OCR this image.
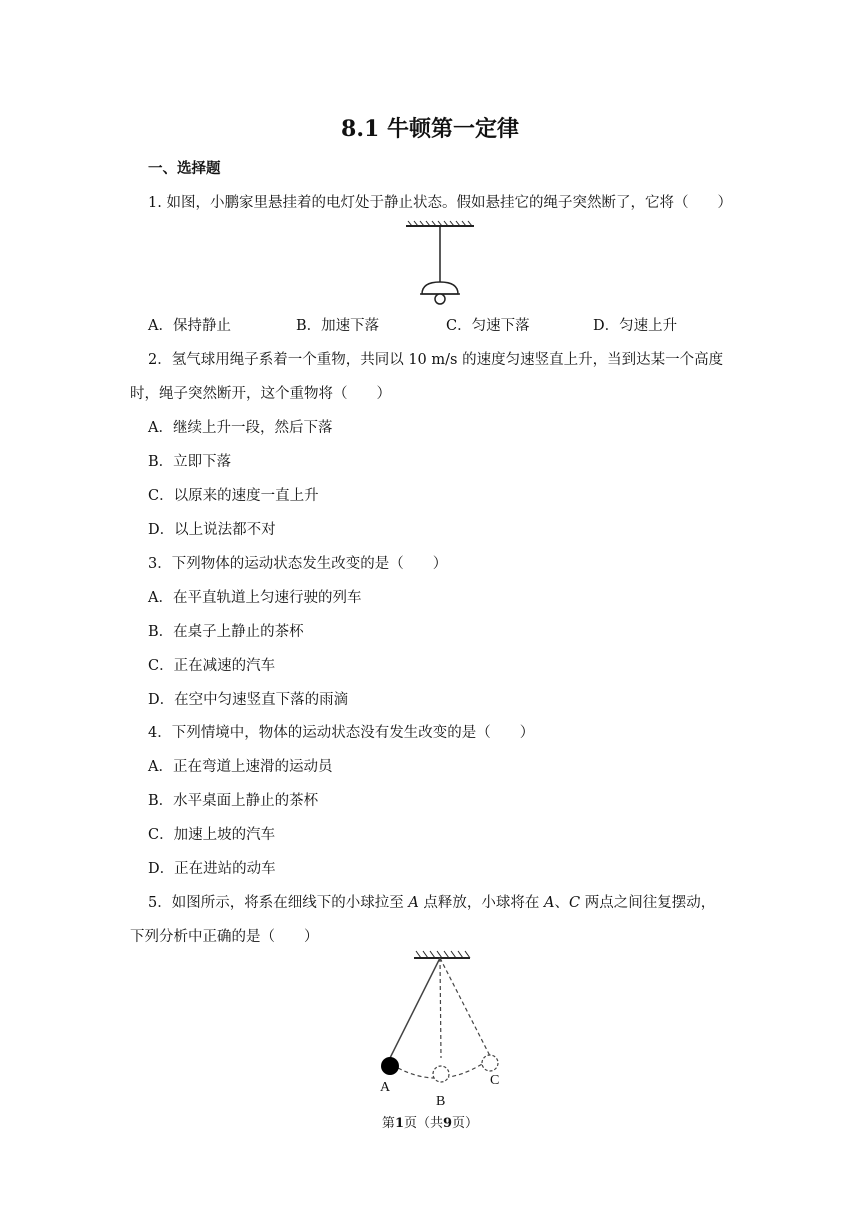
8.1 牛顿第一定律
一、选择题
1. 如图，小鹏家里悬挂着的电灯处于静止状态。假如悬挂它的绳子突然断了，它将（　　）
A．保持静止	B．加速下落	C．匀速下落	D．匀速上升
2．氢气球用绳子系着一个重物，共同以 10 m/s 的速度匀速竖直上升，当到达某一个高度
时，绳子突然断开，这个重物将（　　）
A．继续上升一段，然后下落
B．立即下落
C．以原来的速度一直上升
D．以上说法都不对
3．下列物体的运动状态发生改变的是（　　）
A．在平直轨道上匀速行驶的列车
B．在桌子上静止的茶杯
C．正在减速的汽车
D．在空中匀速竖直下落的雨滴
4．下列情境中，物体的运动状态没有发生改变的是（　　）
A．正在弯道上速滑的运动员
B．水平桌面上静止的茶杯
C．加速上坡的汽车
D．正在进站的动车
5．如图所示，将系在细线下的小球拉至 A 点释放，小球将在 A、C 两点之间往复摆动，
下列分析中正确的是（　　）
A
B
C
第1页（共9页）
